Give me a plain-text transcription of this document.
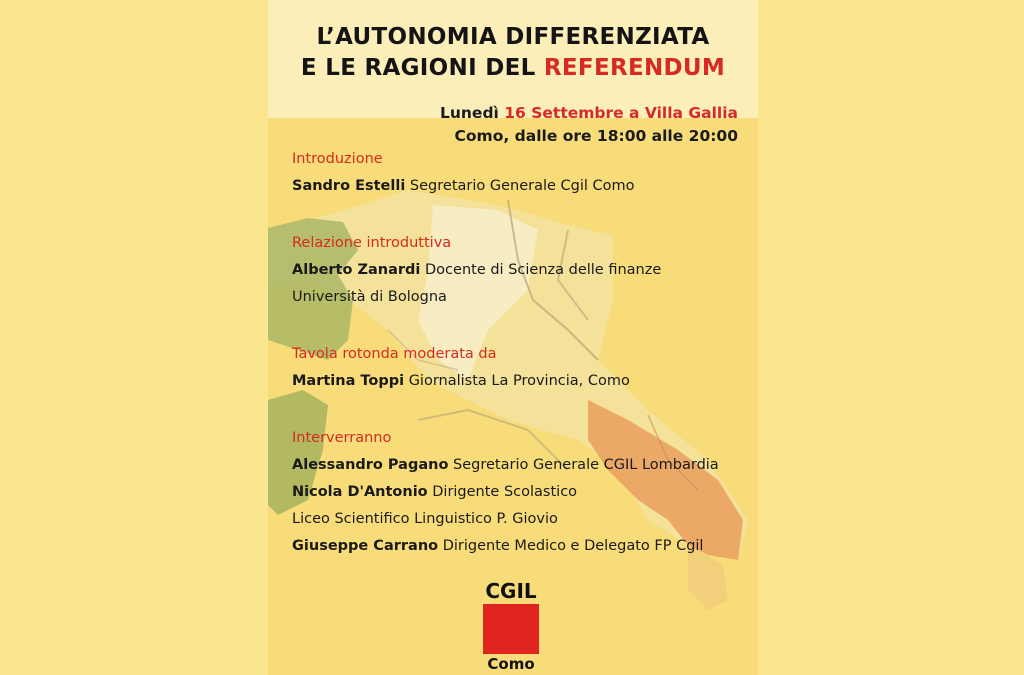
L’AUTONOMIA DIFFERENZIATA
E LE RAGIONI DEL REFERENDUM
Lunedì 16 Settembre a Villa Gallia
Como, dalle ore 18:00 alle 20:00
Introduzione
Sandro Estelli Segretario Generale Cgil Como
Relazione introduttiva
Alberto Zanardi Docente di Scienza delle finanze
Università di Bologna
Tavola rotonda moderata da
Martina Toppi Giornalista La Provincia, Como
Interverranno
Alessandro Pagano Segretario Generale CGIL Lombardia
Nicola D'Antonio Dirigente Scolastico
Liceo Scientifico Linguistico P. Giovio
Giuseppe Carrano Dirigente Medico e Delegato FP Cgil
CGIL
Como
